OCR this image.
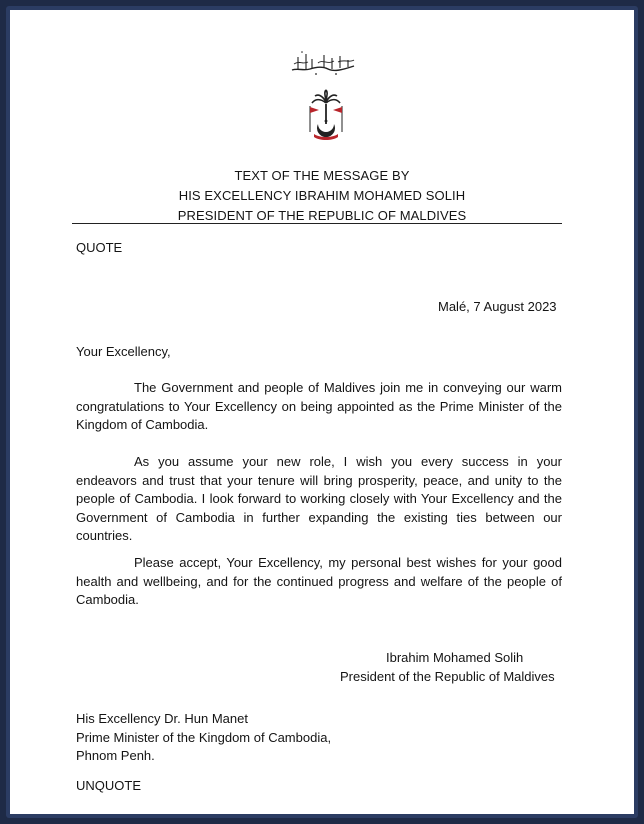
TEXT OF THE MESSAGE BY
HIS EXCELLENCY IBRAHIM MOHAMED SOLIH
PRESIDENT OF THE REPUBLIC OF MALDIVES
QUOTE
Malé, 7 August 2023
Your Excellency,

The Government and people of Maldives join me in conveying our warm congratulations to Your Excellency on being appointed as the Prime Minister of the Kingdom of Cambodia.

As you assume your new role, I wish you every success in your endeavors and trust that your tenure will bring prosperity, peace, and unity to the people of Cambodia. I look forward to working closely with Your Excellency and the Government of Cambodia in further expanding the existing ties between our countries.

Please accept, Your Excellency, my personal best wishes for your good health and wellbeing, and for the continued progress and welfare of the people of Cambodia.

Ibrahim Mohamed Solih
President of the Republic of Maldives
His Excellency Dr. Hun Manet
Prime Minister of the Kingdom of Cambodia,
Phnom Penh.
UNQUOTE
